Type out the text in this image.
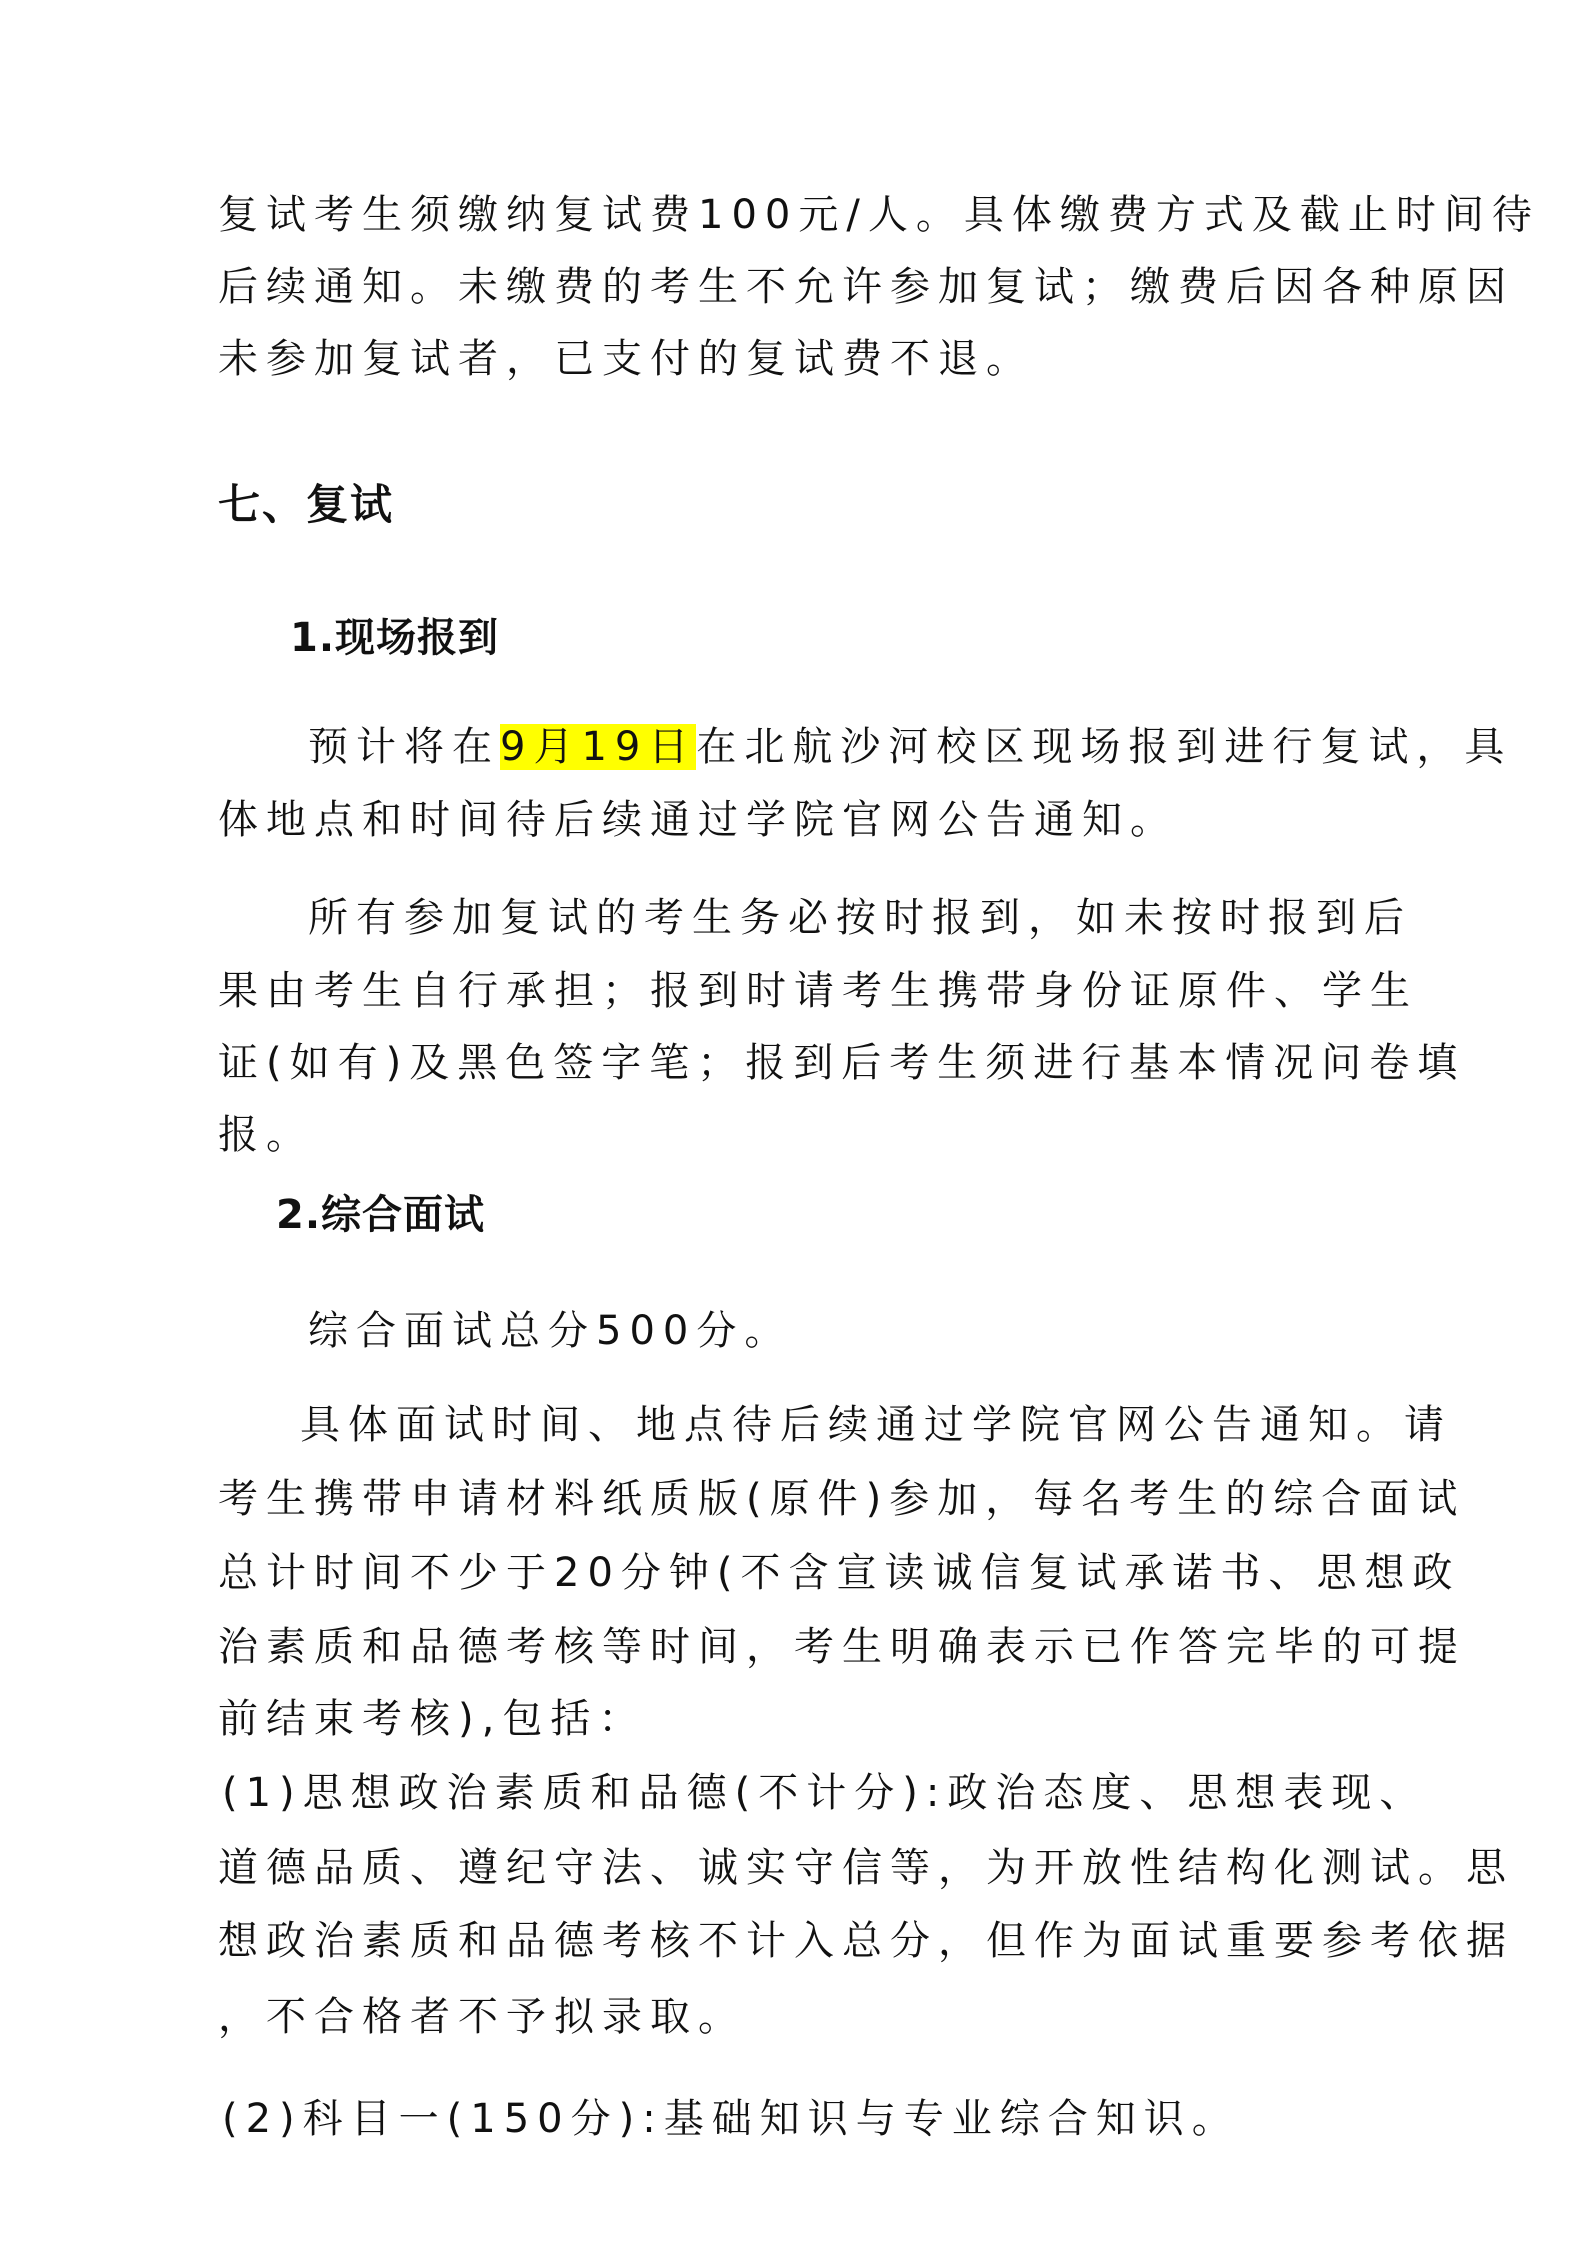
复试考生须缴纳复试费100元/人。具体缴费方式及截止时间待
后续通知。未缴费的考生不允许参加复试；缴费后因各种原因
未参加复试者，已支付的复试费不退。
七、复试
1.现场报到
预计将在9月19日在北航沙河校区现场报到进行复试，具
体地点和时间待后续通过学院官网公告通知。
所有参加复试的考生务必按时报到，如未按时报到后
果由考生自行承担；报到时请考生携带身份证原件、学生
证(如有)及黑色签字笔；报到后考生须进行基本情况问卷填
报。
2.综合面试
综合面试总分500分。
具体面试时间、地点待后续通过学院官网公告通知。请
考生携带申请材料纸质版(原件)参加，每名考生的综合面试
总计时间不少于20分钟(不含宣读诚信复试承诺书、思想政
治素质和品德考核等时间，考生明确表示已作答完毕的可提
前结束考核),包括：
(1)思想政治素质和品德(不计分):政治态度、思想表现、
道德品质、遵纪守法、诚实守信等，为开放性结构化测试。思
想政治素质和品德考核不计入总分，但作为面试重要参考依据
，不合格者不予拟录取。
(2)科目一(150分):基础知识与专业综合知识。
